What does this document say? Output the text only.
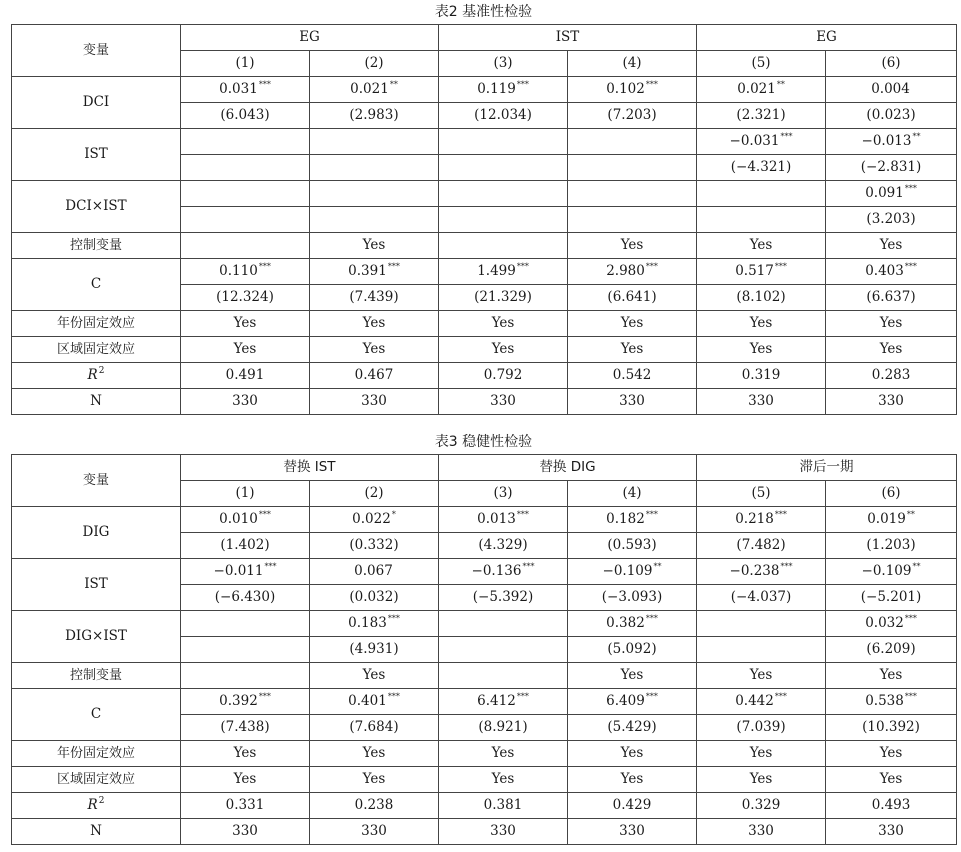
表2 基准性检验
变量	EG		IST		EG	
	(1)	(2)	(3)	(4)	(5)	(6)
DCI	0.031***	0.021**	0.119***	0.102***	0.021**	0.004
	(6.043)	(2.983)	(12.034)	(7.203)	(2.321)	(0.023)
IST					−0.031***	−0.013**
					(−4.321)	(−2.831)
DCI×IST						0.091***
						(3.203)
控制变量		Yes		Yes	Yes	Yes
C	0.110***	0.391***	1.499***	2.980***	0.517***	0.403***
	(12.324)	(7.439)	(21.329)	(6.641)	(8.102)	(6.637)
年份固定效应	Yes	Yes	Yes	Yes	Yes	Yes
区域固定效应	Yes	Yes	Yes	Yes	Yes	Yes
$R^2$	0.491	0.467	0.792	0.542	0.319	0.283
N	330	330	330	330	330	330
表3 稳健性检验
变量	替换 IST		替换 DIG		滞后一期	
	(1)	(2)	(3)	(4)	(5)	(6)
DIG	0.010***	0.022*	0.013***	0.182***	0.218***	0.019**
	(1.402)	(0.332)	(4.329)	(0.593)	(7.482)	(1.203)
IST	−0.011***	0.067	−0.136***	−0.109**	−0.238***	−0.109**
	(−6.430)	(0.032)	(−5.392)	(−3.093)	(−4.037)	(−5.201)
DIG×IST		0.183***		0.382***		0.032***
		(4.931)		(5.092)		(6.209)
控制变量		Yes		Yes	Yes	Yes
C	0.392***	0.401***	6.412***	6.409***	0.442***	0.538***
	(7.438)	(7.684)	(8.921)	(5.429)	(7.039)	(10.392)
年份固定效应	Yes	Yes	Yes	Yes	Yes	Yes
区域固定效应	Yes	Yes	Yes	Yes	Yes	Yes
$R^2$	0.331	0.238	0.381	0.429	0.329	0.493
N	330	330	330	330	330	330
